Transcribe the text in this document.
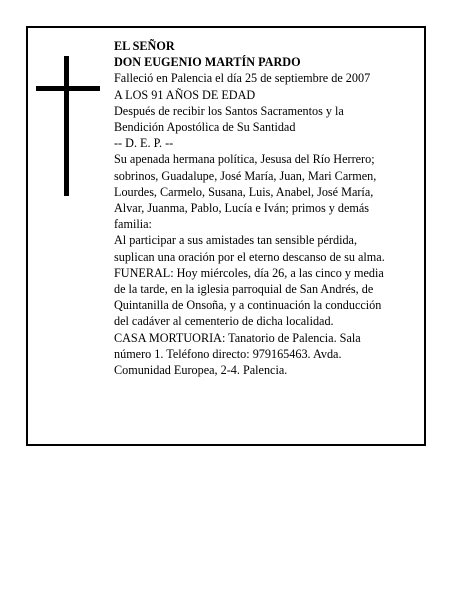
EL SEÑOR
DON EUGENIO MARTÍN PARDO
Falleció en Palencia el día 25 de septiembre de 2007
A LOS 91 AÑOS DE EDAD
Después de recibir los Santos Sacramentos y la
Bendición Apostólica de Su Santidad
-- D. E. P. --
Su apenada hermana política, Jesusa del Río Herrero;
sobrinos, Guadalupe, José María, Juan, Mari Carmen,
Lourdes, Carmelo, Susana, Luis, Anabel, José María,
Alvar, Juanma, Pablo, Lucía e Iván; primos y demás
familia:
Al participar a sus amistades tan sensible pérdida,
suplican una oración por el eterno descanso de su alma.
FUNERAL: Hoy miércoles, día 26, a las cinco y media
de la tarde, en la iglesia parroquial de San Andrés, de
Quintanilla de Onsoña, y a continuación la conducción
del cadáver al cementerio de dicha localidad.
CASA MORTUORIA: Tanatorio de Palencia. Sala
número 1. Teléfono directo: 979165463. Avda.
Comunidad Europea, 2-4. Palencia.
